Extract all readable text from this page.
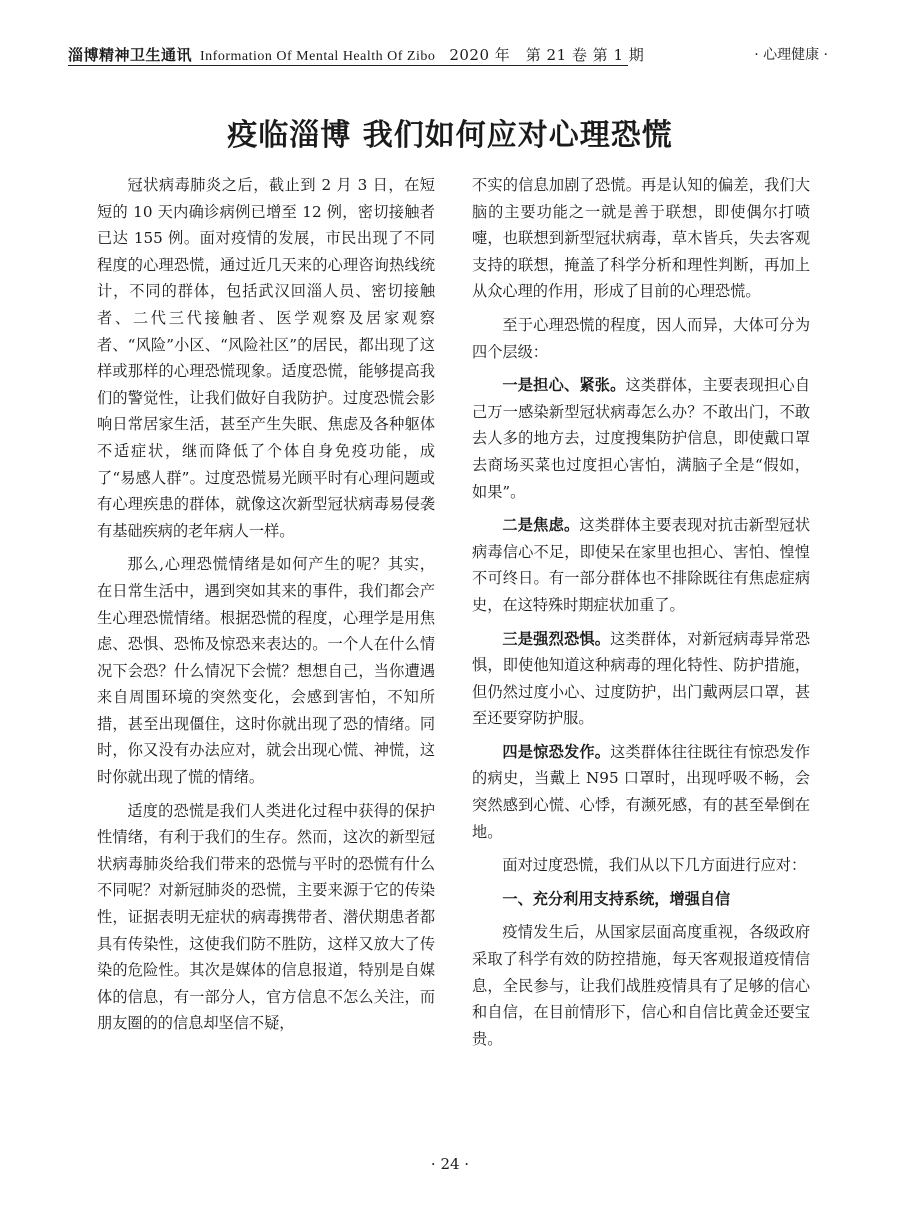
淄博精神卫生通讯 Information Of Mental Health Of Zibo 2020 年　第 21 卷 第 1 期	· 心理健康 ·
疫临淄博 我们如何应对心理恐慌

冠状病毒肺炎之后，截止到 2 月 3 日，在短短的 10 天内确诊病例已增至 12 例，密切接触者已达 155 例。面对疫情的发展，市民出现了不同程度的心理恐慌，通过近几天来的心理咨询热线统计，不同的群体，包括武汉回淄人员、密切接触者、二代三代接触者、医学观察及居家观察者、“风险”小区、“风险社区”的居民，都出现了这样或那样的心理恐慌现象。适度恐慌，能够提高我们的警觉性，让我们做好自我防护。过度恐慌会影响日常居家生活，甚至产生失眠、焦虑及各种躯体不适症状，继而降低了个体自身免疫功能，成了“易感人群”。过度恐慌易光顾平时有心理问题或有心理疾患的群体，就像这次新型冠状病毒易侵袭有基础疾病的老年病人一样。

那么,心理恐慌情绪是如何产生的呢？其实，在日常生活中，遇到突如其来的事件，我们都会产生心理恐慌情绪。根据恐慌的程度，心理学是用焦虑、恐惧、恐怖及惊恐来表达的。一个人在什么情况下会恐？什么情况下会慌？想想自己，当你遭遇来自周围环境的突然变化，会感到害怕，不知所措，甚至出现僵住，这时你就出现了恐的情绪。同时，你又没有办法应对，就会出现心慌、神慌，这时你就出现了慌的情绪。

适度的恐慌是我们人类进化过程中获得的保护性情绪，有利于我们的生存。然而，这次的新型冠状病毒肺炎给我们带来的恐慌与平时的恐慌有什么不同呢？对新冠肺炎的恐慌，主要来源于它的传染性，证据表明无症状的病毒携带者、潜伏期患者都具有传染性，这使我们防不胜防，这样又放大了传染的危险性。其次是媒体的信息报道，特别是自媒体的信息，有一部分人，官方信息不怎么关注，而朋友圈的的信息却坚信不疑，

不实的信息加剧了恐慌。再是认知的偏差，我们大脑的主要功能之一就是善于联想，即使偶尔打喷嚏，也联想到新型冠状病毒，草木皆兵，失去客观支持的联想，掩盖了科学分析和理性判断，再加上从众心理的作用，形成了目前的心理恐慌。

至于心理恐慌的程度，因人而异，大体可分为四个层级：

一是担心、紧张。这类群体，主要表现担心自己万一感染新型冠状病毒怎么办？不敢出门，不敢去人多的地方去，过度搜集防护信息，即使戴口罩去商场买菜也过度担心害怕，满脑子全是“假如，如果”。

二是焦虑。这类群体主要表现对抗击新型冠状病毒信心不足，即使呆在家里也担心、害怕、惶惶不可终日。有一部分群体也不排除既往有焦虑症病史，在这特殊时期症状加重了。

三是强烈恐惧。这类群体，对新冠病毒异常恐惧，即使他知道这种病毒的理化特性、防护措施，但仍然过度小心、过度防护，出门戴两层口罩，甚至还要穿防护服。

四是惊恐发作。这类群体往往既往有惊恐发作的病史，当戴上 N95 口罩时，出现呼吸不畅，会突然感到心慌、心悸，有濒死感，有的甚至晕倒在地。

面对过度恐慌，我们从以下几方面进行应对：

一、充分利用支持系统，增强自信

疫情发生后，从国家层面高度重视，各级政府采取了科学有效的防控措施，每天客观报道疫情信息，全民参与，让我们战胜疫情具有了足够的信心和自信，在目前情形下，信心和自信比黄金还要宝贵。

· 24 ·
